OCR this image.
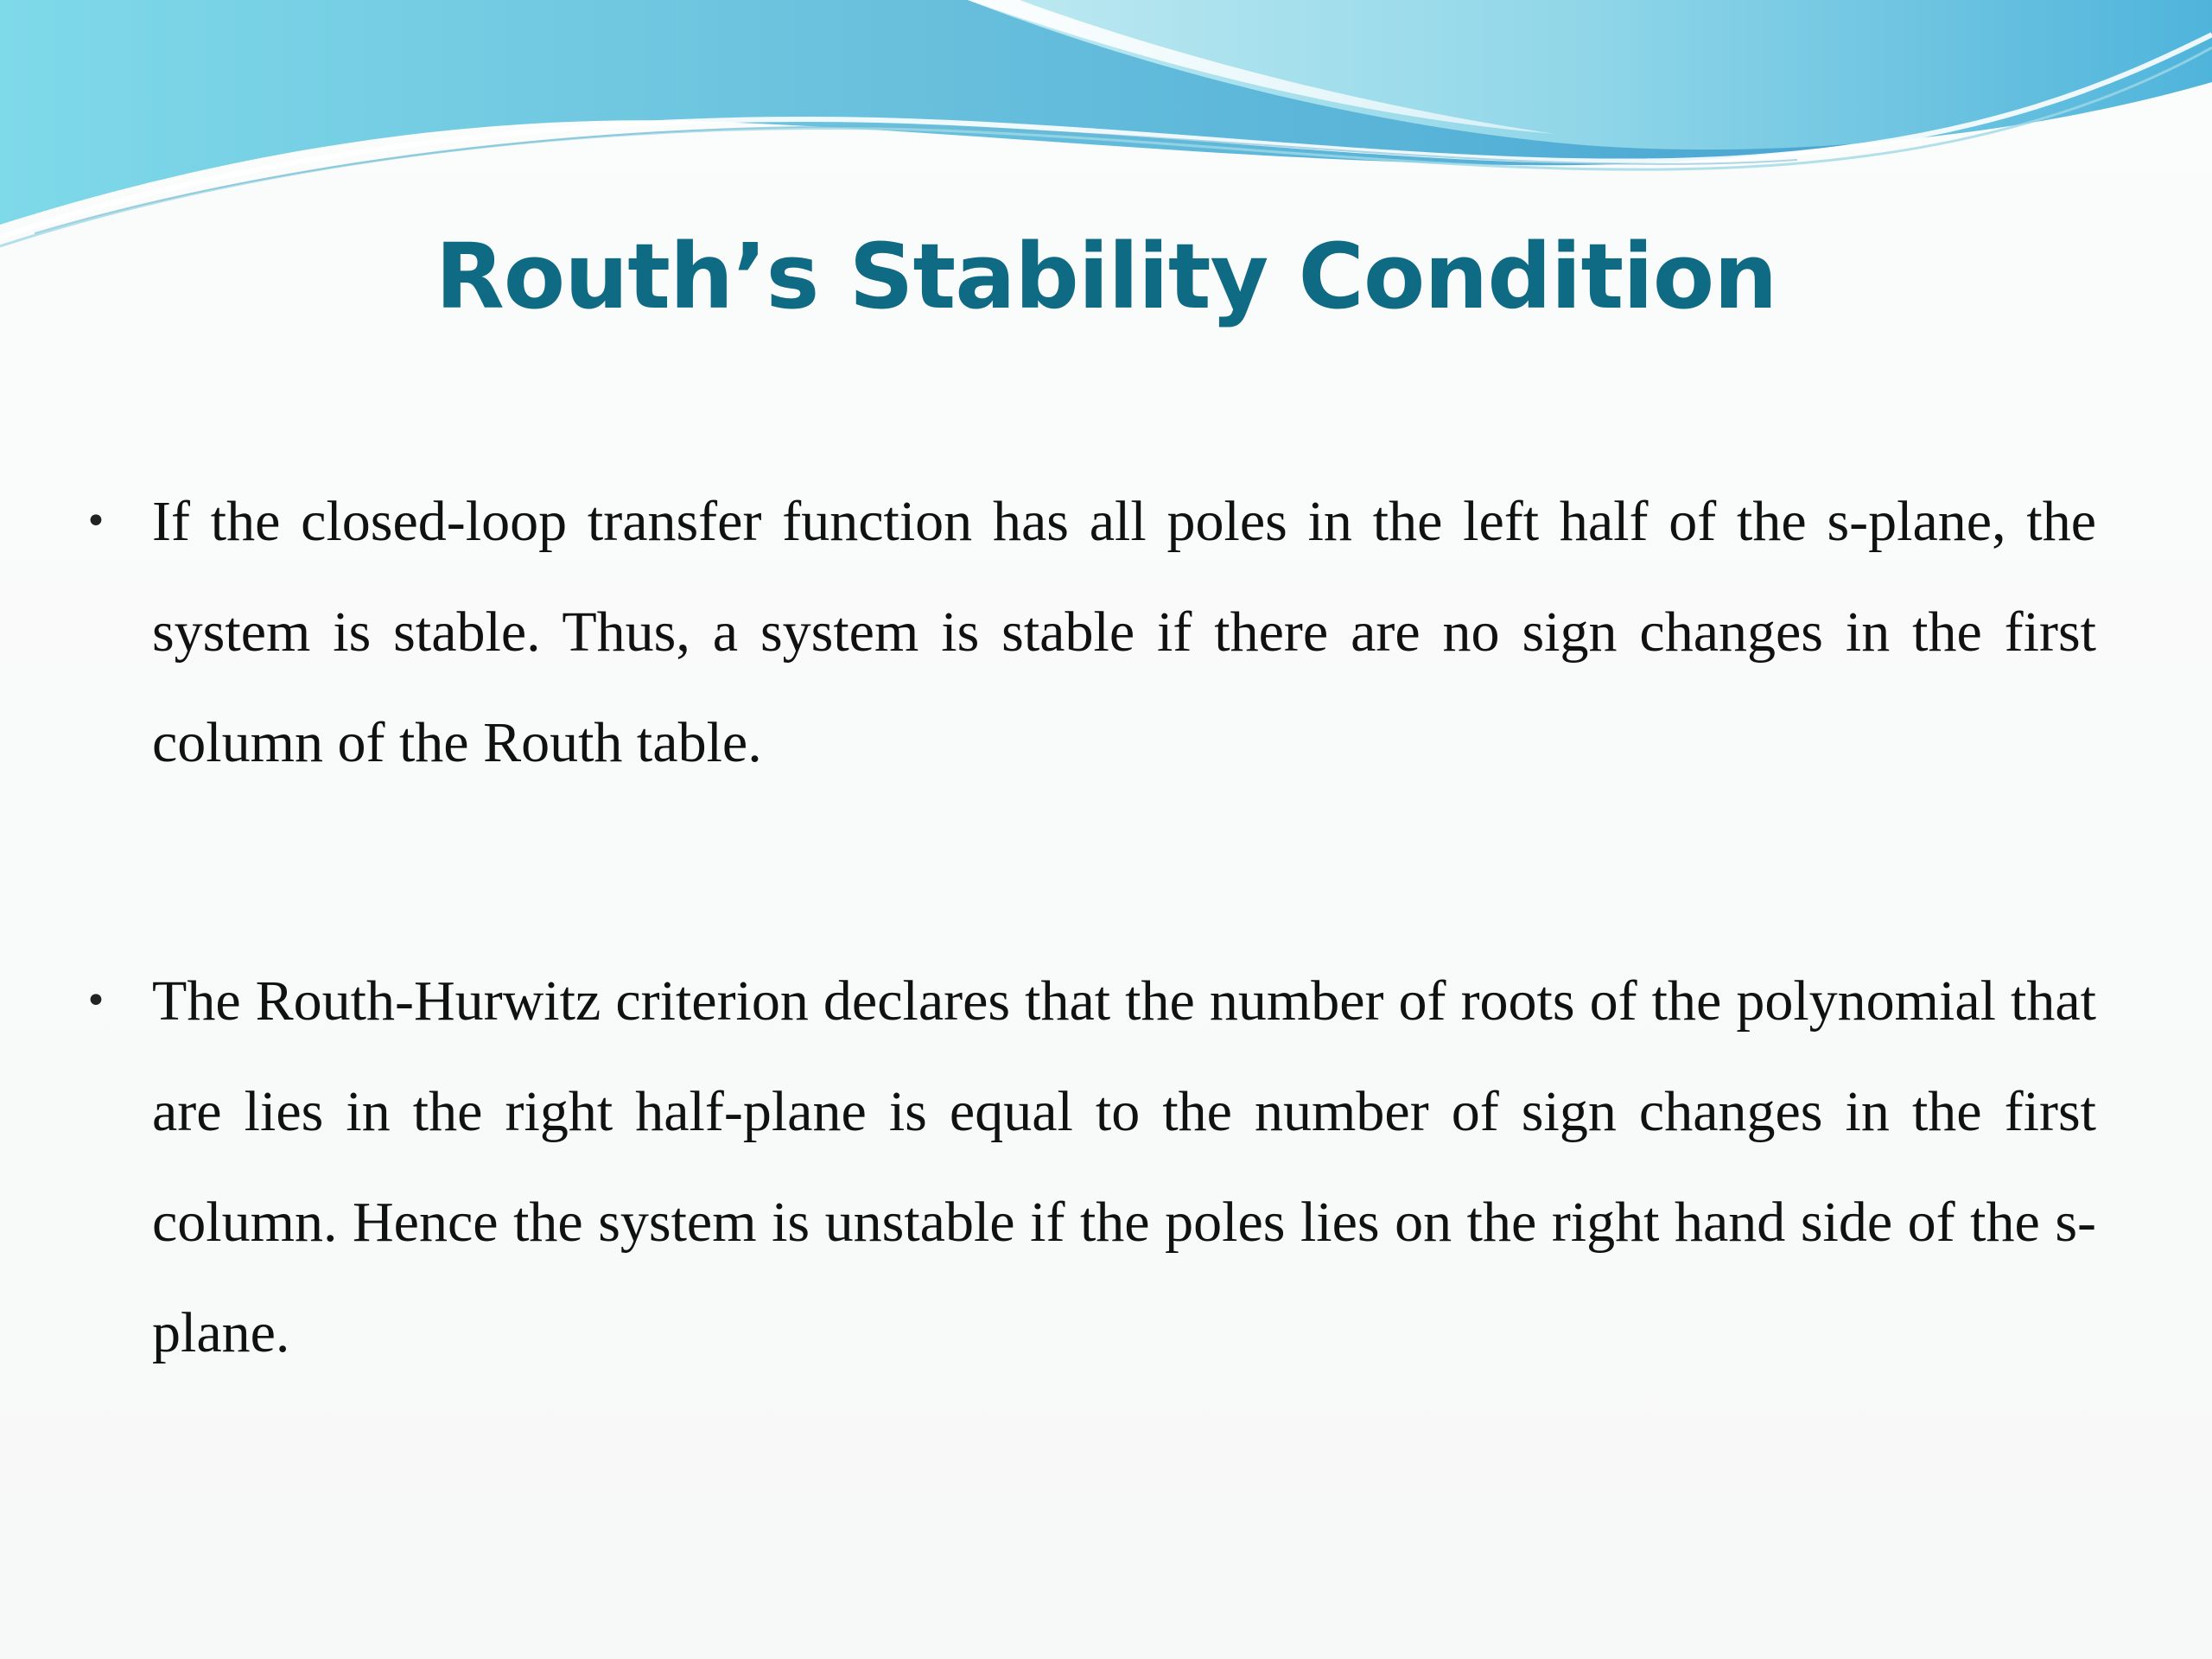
Routh’s Stability Condition
• If the closed-loop transfer function has all poles in the left half of the s-plane, the system is stable. Thus, a system is stable if there are no sign changes in the first column of the Routh table.
• The Routh-Hurwitz criterion declares that the number of roots of the polynomial that are lies in the right half-plane is equal to the number of sign changes in the first column. Hence the system is unstable if the poles lies on the right hand side of the s-plane.
